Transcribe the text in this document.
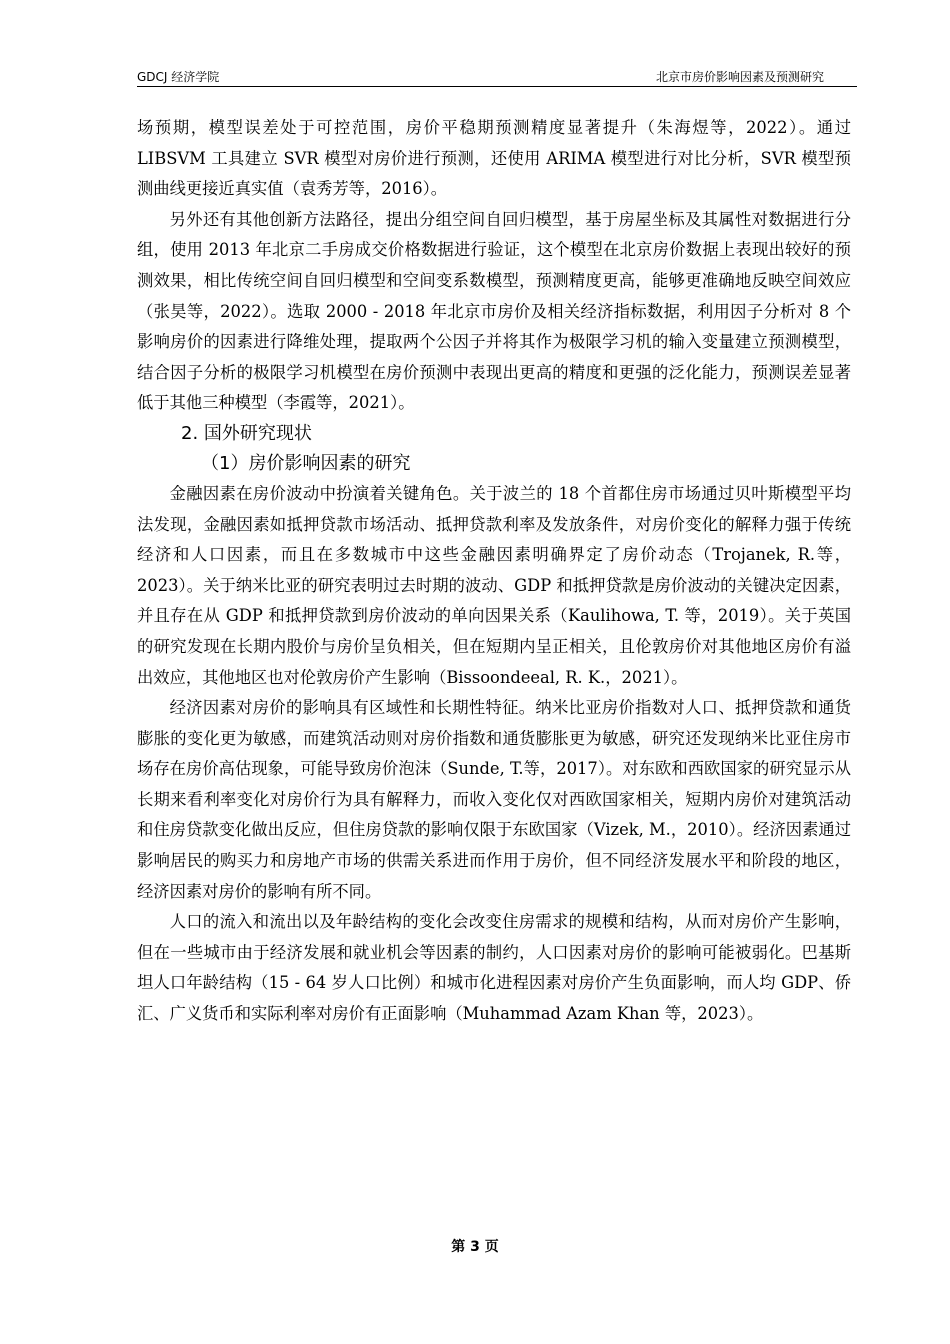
GDCJ 经济学院	北京市房价影响因素及预测研究

场预期，模型误差处于可控范围，房价平稳期预测精度显著提升（朱海煜等，2022）。通过 LIBSVM 工具建立 SVR 模型对房价进行预测，还使用 ARIMA 模型进行对比分析，SVR 模型预测曲线更接近真实值（袁秀芳等，2016）。

另外还有其他创新方法路径，提出分组空间自回归模型，基于房屋坐标及其属性对数据进行分组，使用 2013 年北京二手房成交价格数据进行验证，这个模型在北京房价数据上表现出较好的预测效果，相比传统空间自回归模型和空间变系数模型，预测精度更高，能够更准确地反映空间效应（张昊等，2022）。选取 2000 - 2018 年北京市房价及相关经济指标数据，利用因子分析对 8 个影响房价的因素进行降维处理，提取两个公因子并将其作为极限学习机的输入变量建立预测模型，结合因子分析的极限学习机模型在房价预测中表现出更高的精度和更强的泛化能力，预测误差显著低于其他三种模型（李霞等，2021）。

2. 国外研究现状

（1）房价影响因素的研究

金融因素在房价波动中扮演着关键角色。关于波兰的 18 个首都住房市场通过贝叶斯模型平均法发现，金融因素如抵押贷款市场活动、抵押贷款利率及发放条件，对房价变化的解释力强于传统经济和人口因素，而且在多数城市中这些金融因素明确界定了房价动态（Trojanek, R.等，2023）。关于纳米比亚的研究表明过去时期的波动、GDP 和抵押贷款是房价波动的关键决定因素，并且存在从 GDP 和抵押贷款到房价波动的单向因果关系（Kaulihowa, T. 等，2019）。关于英国的研究发现在长期内股价与房价呈负相关，但在短期内呈正相关，且伦敦房价对其他地区房价有溢出效应，其他地区也对伦敦房价产生影响（Bissoondeeal, R. K.，2021）。

经济因素对房价的影响具有区域性和长期性特征。纳米比亚房价指数对人口、抵押贷款和通货膨胀的变化更为敏感，而建筑活动则对房价指数和通货膨胀更为敏感，研究还发现纳米比亚住房市场存在房价高估现象，可能导致房价泡沫（Sunde, T.等，2017）。对东欧和西欧国家的研究显示从长期来看利率变化对房价行为具有解释力，而收入变化仅对西欧国家相关，短期内房价对建筑活动和住房贷款变化做出反应，但住房贷款的影响仅限于东欧国家（Vizek, M.，2010）。经济因素通过影响居民的购买力和房地产市场的供需关系进而作用于房价，但不同经济发展水平和阶段的地区，经济因素对房价的影响有所不同。

人口的流入和流出以及年龄结构的变化会改变住房需求的规模和结构，从而对房价产生影响，但在一些城市由于经济发展和就业机会等因素的制约，人口因素对房价的影响可能被弱化。巴基斯坦人口年龄结构（15 - 64 岁人口比例）和城市化进程因素对房价产生负面影响，而人均 GDP、侨汇、广义货币和实际利率对房价有正面影响（Muhammad Azam Khan 等，2023）。

第 3 页
